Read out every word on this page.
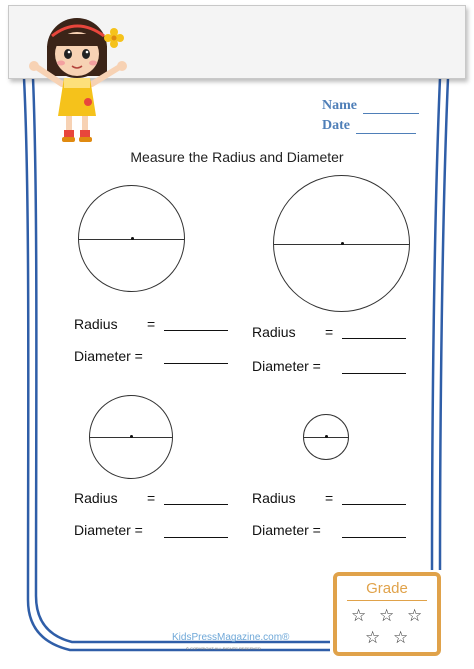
Name
Date
Measure the Radius and Diameter
Radius =
Diameter =
Radius =
Diameter =
Radius =
Diameter =
Radius =
Diameter =
Grade
☆ ☆ ☆
☆ ☆
KidsPressMagazine.com®
© COPYRIGHT ALL RIGHTS RESERVED
